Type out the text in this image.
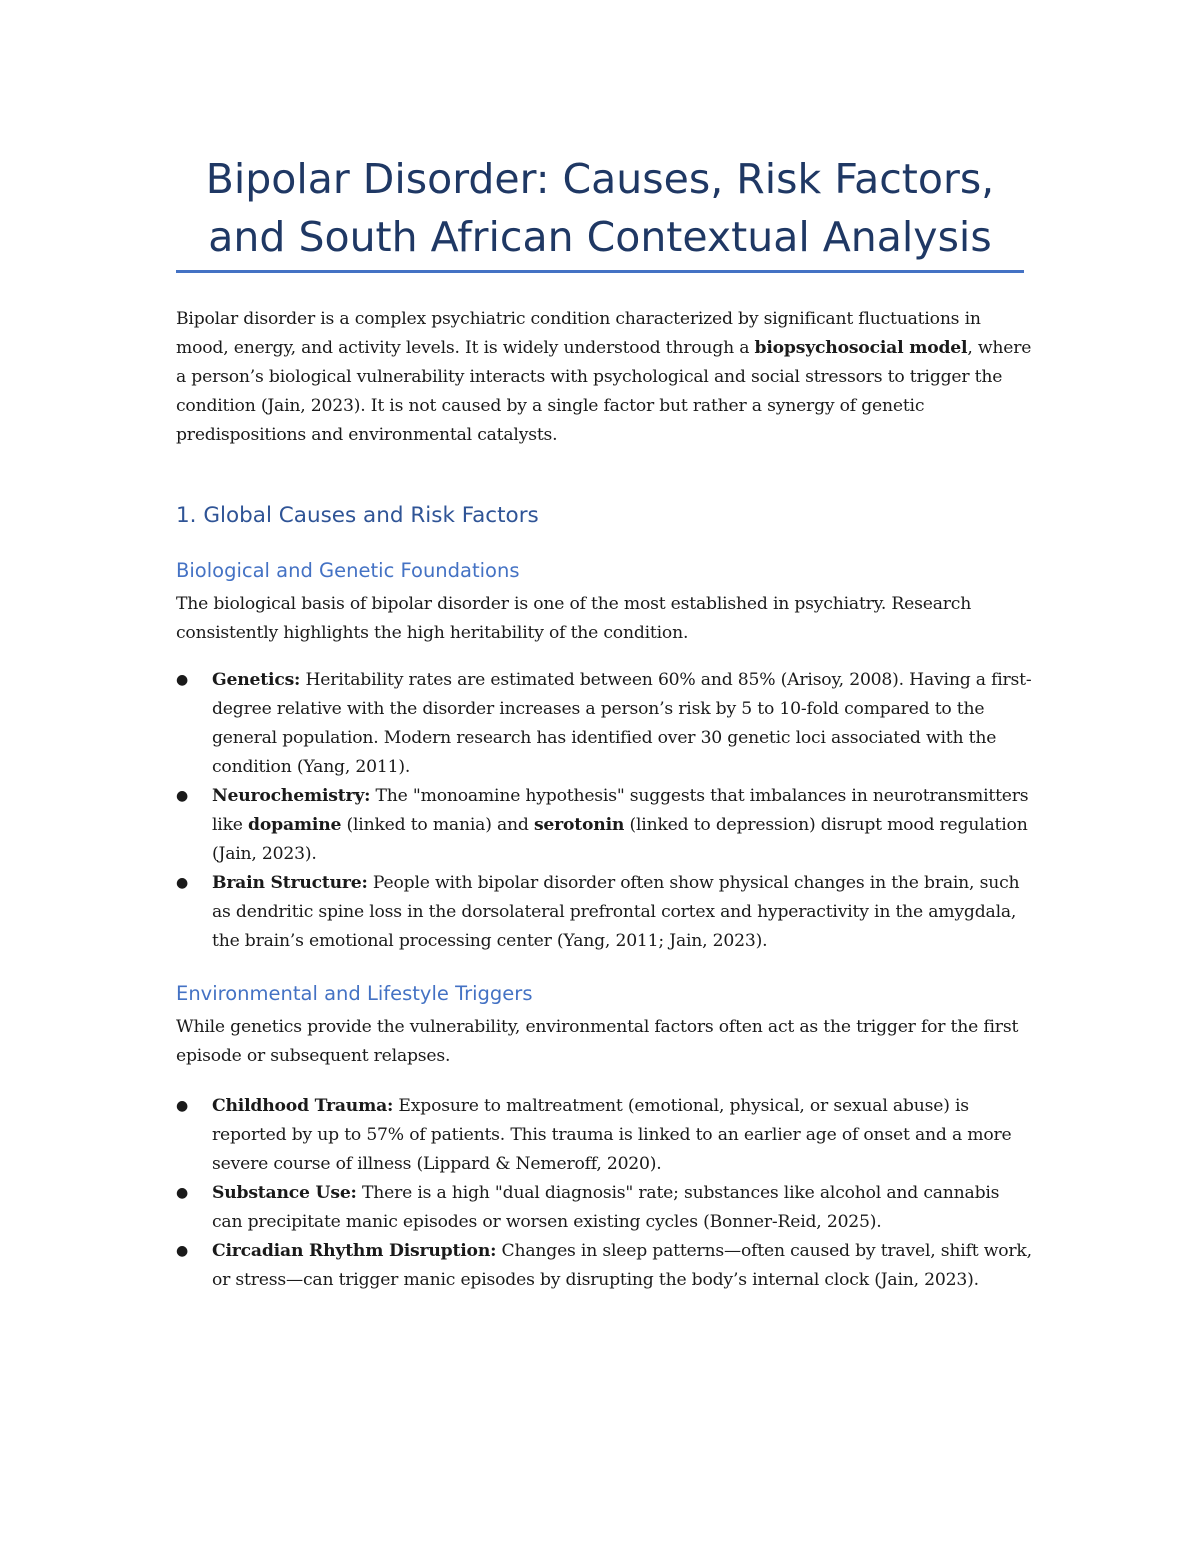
Bipolar Disorder: Causes, Risk Factors,
and South African Contextual Analysis

Bipolar disorder is a complex psychiatric condition characterized by significant fluctuations in mood, energy, and activity levels. It is widely understood through a biopsychosocial model, where a person’s biological vulnerability interacts with psychological and social stressors to trigger the condition (Jain, 2023). It is not caused by a single factor but rather a synergy of genetic predispositions and environmental catalysts.

1. Global Causes and Risk Factors
Biological and Genetic Foundations

The biological basis of bipolar disorder is one of the most established in psychiatry. Research consistently highlights the high heritability of the condition.

● Genetics: Heritability rates are estimated between 60% and 85% (Arisoy, 2008). Having a first-degree relative with the disorder increases a person’s risk by 5 to 10-fold compared to the general population. Modern research has identified over 30 genetic loci associated with the condition (Yang, 2011).
● Neurochemistry: The "monoamine hypothesis" suggests that imbalances in neurotransmitters like dopamine (linked to mania) and serotonin (linked to depression) disrupt mood regulation (Jain, 2023).
● Brain Structure: People with bipolar disorder often show physical changes in the brain, such as dendritic spine loss in the dorsolateral prefrontal cortex and hyperactivity in the amygdala, the brain’s emotional processing center (Yang, 2011; Jain, 2023).
Environmental and Lifestyle Triggers

While genetics provide the vulnerability, environmental factors often act as the trigger for the first episode or subsequent relapses.

● Childhood Trauma: Exposure to maltreatment (emotional, physical, or sexual abuse) is reported by up to 57% of patients. This trauma is linked to an earlier age of onset and a more severe course of illness (Lippard & Nemeroff, 2020).
● Substance Use: There is a high "dual diagnosis" rate; substances like alcohol and cannabis can precipitate manic episodes or worsen existing cycles (Bonner-Reid, 2025).
● Circadian Rhythm Disruption: Changes in sleep patterns—often caused by travel, shift work, or stress—can trigger manic episodes by disrupting the body’s internal clock (Jain, 2023).
